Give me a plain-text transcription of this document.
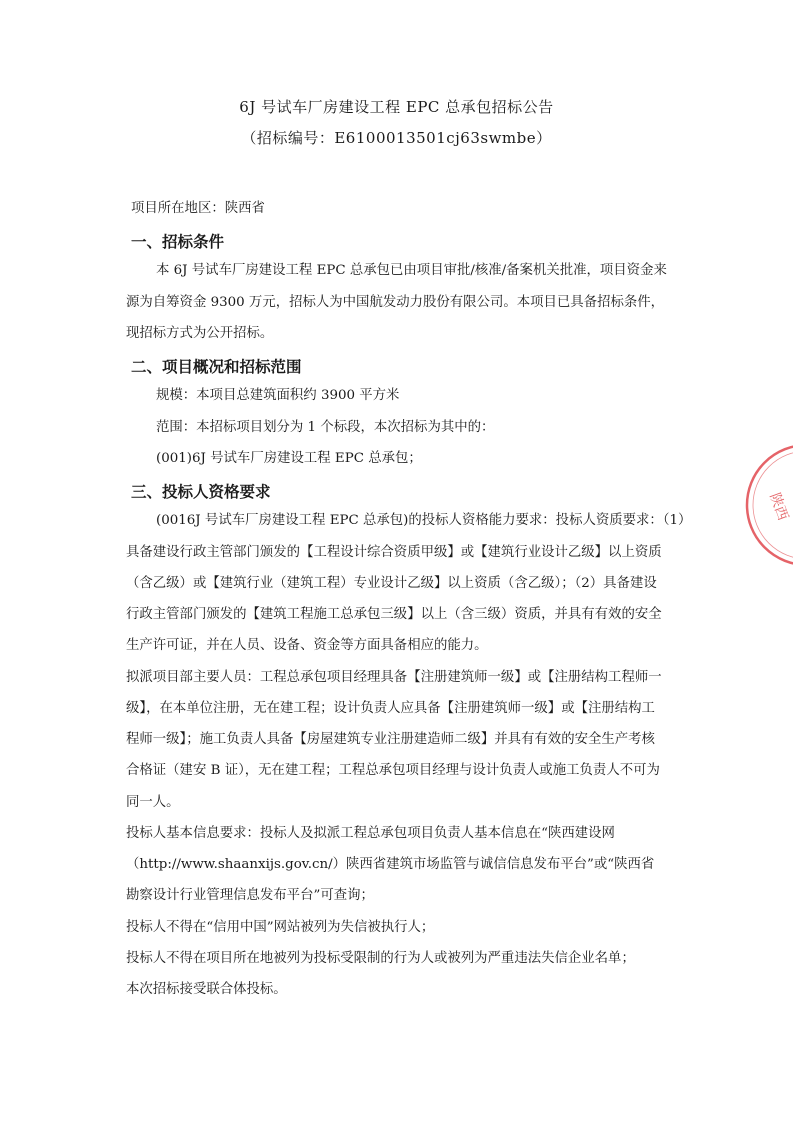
6J 号试车厂房建设工程 EPC 总承包招标公告
（招标编号：E6100013501cj63swmbe）
项目所在地区：陕西省
一、招标条件
本 6J 号试车厂房建设工程 EPC 总承包已由项目审批/核准/备案机关批准，项目资金来
源为自筹资金 9300 万元，招标人为中国航发动力股份有限公司。本项目已具备招标条件，
现招标方式为公开招标。
二、项目概况和招标范围
规模：本项目总建筑面积约 3900 平方米
范围：本招标项目划分为 1 个标段，本次招标为其中的：
(001)6J 号试车厂房建设工程 EPC 总承包；
三、投标人资格要求
(0016J 号试车厂房建设工程 EPC 总承包)的投标人资格能力要求：投标人资质要求：（1）
具备建设行政主管部门颁发的【工程设计综合资质甲级】或【建筑行业设计乙级】以上资质
（含乙级）或【建筑行业（建筑工程）专业设计乙级】以上资质（含乙级）；（2）具备建设
行政主管部门颁发的【建筑工程施工总承包三级】以上（含三级）资质，并具有有效的安全
生产许可证，并在人员、设备、资金等方面具备相应的能力。
拟派项目部主要人员：工程总承包项目经理具备【注册建筑师一级】或【注册结构工程师一
级】，在本单位注册，无在建工程；设计负责人应具备【注册建筑师一级】或【注册结构工
程师一级】；施工负责人具备【房屋建筑专业注册建造师二级】并具有有效的安全生产考核
合格证（建安 B 证），无在建工程；工程总承包项目经理与设计负责人或施工负责人不可为
同一人。
投标人基本信息要求：投标人及拟派工程总承包项目负责人基本信息在“陕西建设网
（http://www.shaanxijs.gov.cn/）陕西省建筑市场监管与诚信信息发布平台”或“陕西省
勘察设计行业管理信息发布平台”可查询；
投标人不得在“信用中国”网站被列为失信被执行人；
投标人不得在项目所在地被列为投标受限制的行为人或被列为严重违法失信企业名单；
本次招标接受联合体投标。
陕西
